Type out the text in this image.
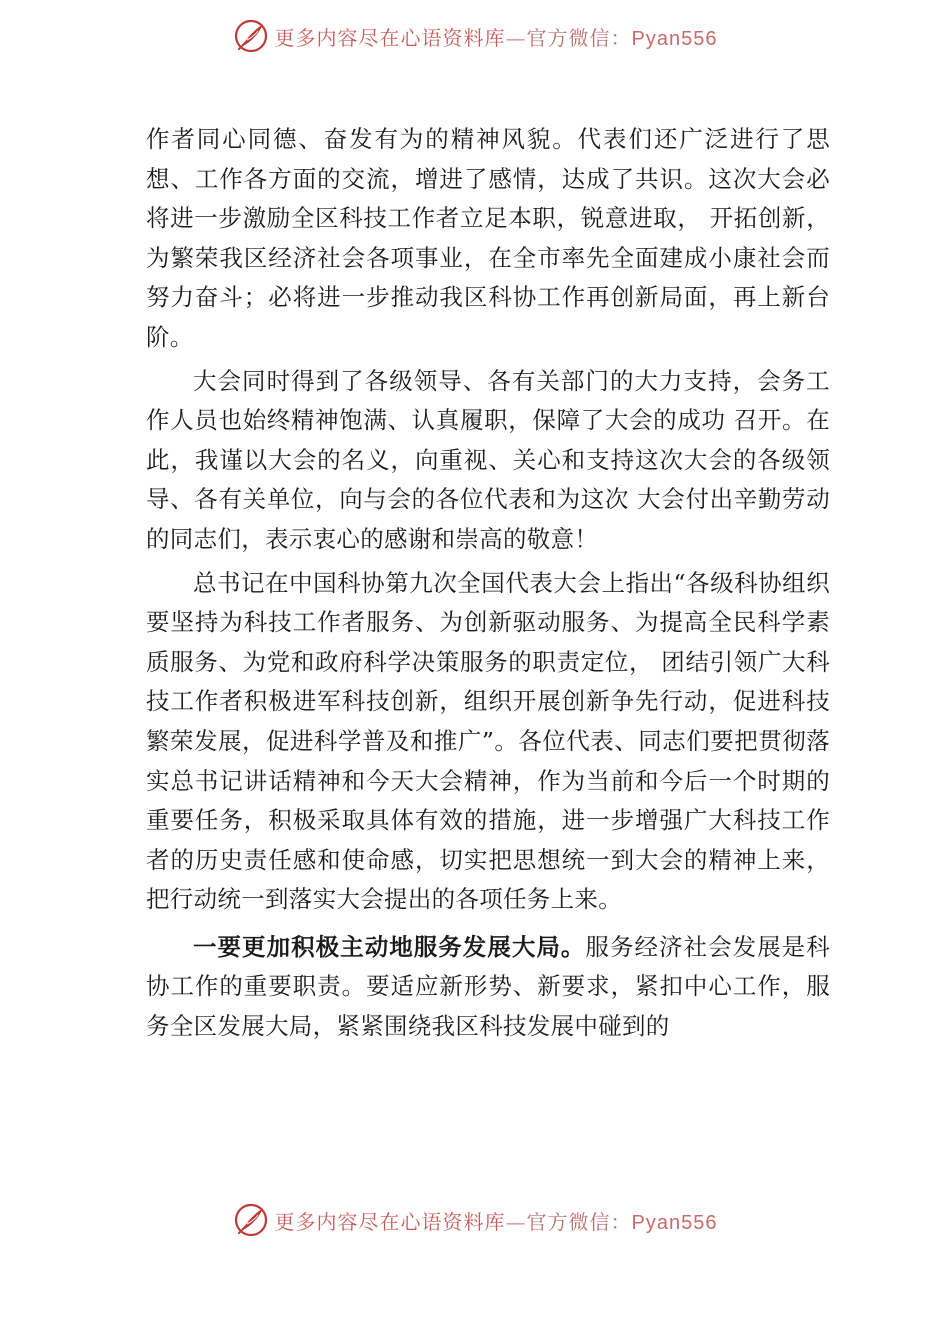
更多内容尽在心语资料库—官方微信：Pyan556

作者同心同德、奋发有为的精神风貌。代表们还广泛进行了思想、工作各方面的交流，增进了感情，达成了共识。这次大会必将进一步激励全区科技工作者立足本职，锐意进取， 开拓创新，为繁荣我区经济社会各项事业，在全市率先全面建成小康社会而努力奋斗；必将进一步推动我区科协工作再创新局面，再上新台阶。

大会同时得到了各级领导、各有关部门的大力支持，会务工作人员也始终精神饱满、认真履职，保障了大会的成功 召开。在此，我谨以大会的名义，向重视、关心和支持这次大会的各级领导、各有关单位，向与会的各位代表和为这次 大会付出辛勤劳动的同志们，表示衷心的感谢和崇高的敬意！

总书记在中国科协第九次全国代表大会上指出“各级科协组织要坚持为科技工作者服务、为创新驱动服务、为提高全民科学素质服务、为党和政府科学决策服务的职责定位， 团结引领广大科技工作者积极进军科技创新，组织开展创新争先行动，促进科技繁荣发展，促进科学普及和推广”。各位代表、同志们要把贯彻落实总书记讲话精神和今天大会精神，作为当前和今后一个时期的重要任务，积极采取具体有效的措施，进一步增强广大科技工作者的历史责任感和使命感，切实把思想统一到大会的精神上来，把行动统一到落实大会提出的各项任务上来。

一要更加积极主动地服务发展大局。服务经济社会发展是科协工作的重要职责。要适应新形势、新要求，紧扣中心工作，服务全区发展大局，紧紧围绕我区科技发展中碰到的

更多内容尽在心语资料库—官方微信：Pyan556
